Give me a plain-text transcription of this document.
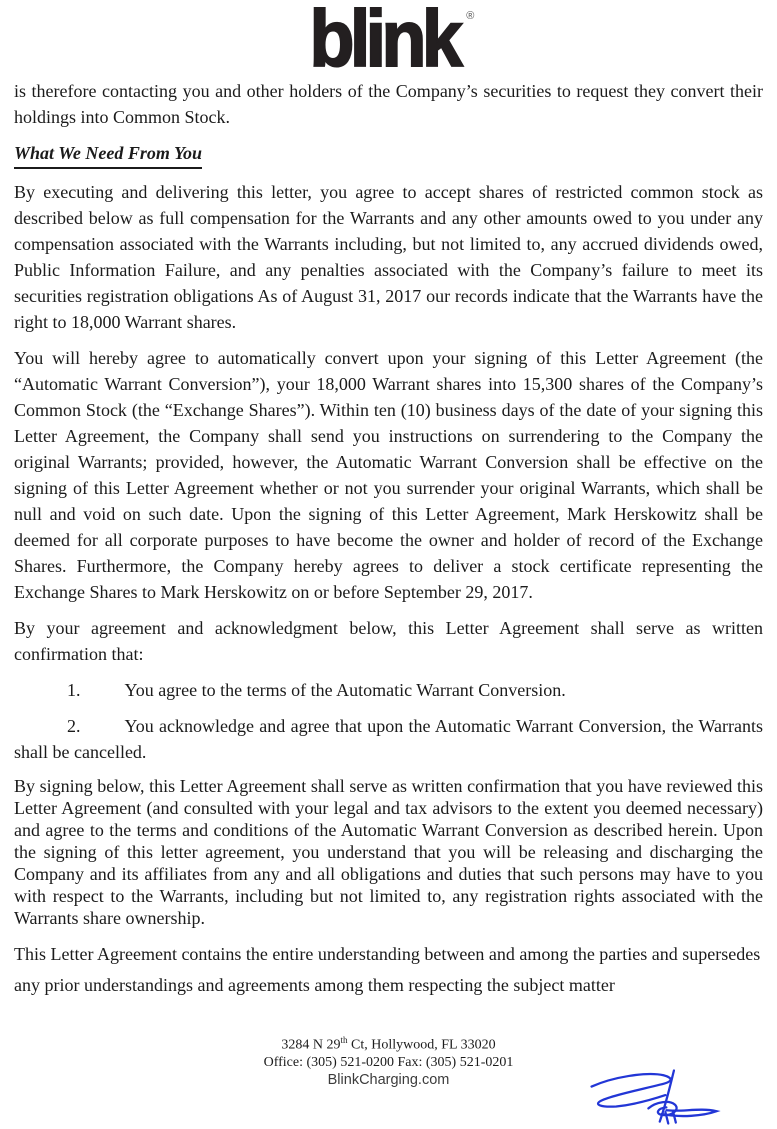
blink ®

is therefore contacting you and other holders of the Company’s securities to request they convert their holdings into Common Stock.

What We Need From You

By executing and delivering this letter, you agree to accept shares of restricted common stock as described below as full compensation for the Warrants and any other amounts owed to you under any compensation associated with the Warrants including, but not limited to, any accrued dividends owed, Public Information Failure, and any penalties associated with the Company’s failure to meet its securities registration obligations As of August 31, 2017 our records indicate that the Warrants have the right to 18,000 Warrant shares.

You will hereby agree to automatically convert upon your signing of this Letter Agreement (the “Automatic Warrant Conversion”), your 18,000 Warrant shares into 15,300 shares of the Company’s Common Stock (the “Exchange Shares”). Within ten (10) business days of the date of your signing this Letter Agreement, the Company shall send you instructions on surrendering to the Company the original Warrants; provided, however, the Automatic Warrant Conversion shall be effective on the signing of this Letter Agreement whether or not you surrender your original Warrants, which shall be null and void on such date. Upon the signing of this Letter Agreement, Mark Herskowitz shall be deemed for all corporate purposes to have become the owner and holder of record of the Exchange Shares. Furthermore, the Company hereby agrees to deliver a stock certificate representing the Exchange Shares to Mark Herskowitz on or before September 29, 2017.

By your agreement and acknowledgment below, this Letter Agreement shall serve as written confirmation that:

1. You agree to the terms of the Automatic Warrant Conversion.

2. You acknowledge and agree that upon the Automatic Warrant Conversion, the Warrants shall be cancelled.

By signing below, this Letter Agreement shall serve as written confirmation that you have reviewed this Letter Agreement (and consulted with your legal and tax advisors to the extent you deemed necessary) and agree to the terms and conditions of the Automatic Warrant Conversion as described herein. Upon the signing of this letter agreement, you understand that you will be releasing and discharging the Company and its affiliates from any and all obligations and duties that such persons may have to you with respect to the Warrants, including but not limited to, any registration rights associated with the Warrants share ownership.

This Letter Agreement contains the entire understanding between and among the parties and supersedes any prior understandings and agreements among them respecting the subject matter

3284 N 29th Ct, Hollywood, FL 33020
Office: (305) 521-0200 Fax: (305) 521-0201
BlinkCharging.com
